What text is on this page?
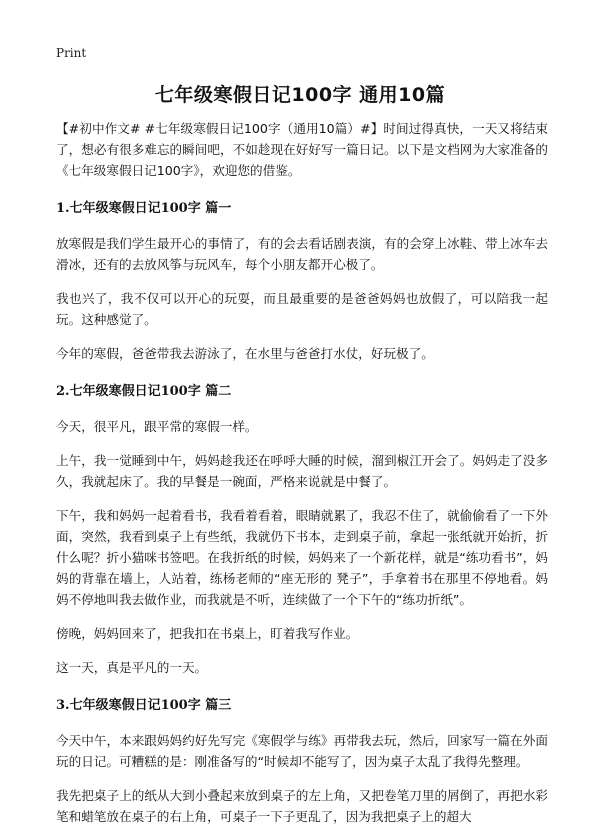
Print
七年级寒假日记100字 通用10篇

【#初中作文# #七年级寒假日记100字（通用10篇）#】时间过得真快，一天又将结束了，想必有很多难忘的瞬间吧，不如趁现在好好写一篇日记。以下是文档网为大家准备的《七年级寒假日记100字》，欢迎您的借鉴。

1.七年级寒假日记100字 篇一

放寒假是我们学生最开心的事情了，有的会去看话剧表演，有的会穿上冰鞋、带上冰车去滑冰，还有的去放风筝与玩风车，每个小朋友都开心极了。

我也兴了，我不仅可以开心的玩耍，而且最重要的是爸爸妈妈也放假了，可以陪我一起玩。这种感觉了。

今年的寒假，爸爸带我去游泳了，在水里与爸爸打水仗，好玩极了。

2.七年级寒假日记100字 篇二

今天，很平凡，跟平常的寒假一样。

上午，我一觉睡到中午，妈妈趁我还在呼呼大睡的时候，溜到椒江开会了。妈妈走了没多久，我就起床了。我的早餐是一碗面，严格来说就是中餐了。

下午，我和妈妈一起着看书，我看着看着，眼睛就累了，我忍不住了，就偷偷看了一下外面，突然，我看到桌子上有些纸，我就仍下书本，走到桌子前，拿起一张纸就开始折，折什么呢？折小猫咪书签吧。在我折纸的时候，妈妈来了一个新花样，就是“练功看书”，妈妈的背靠在墙上，人站着，练杨老师的“座无形的 凳子”，手拿着书在那里不停地看。妈妈不停地叫我去做作业，而我就是不听，连续做了一个下午的“练功折纸”。

傍晚，妈妈回来了，把我扣在书桌上，盯着我写作业。

这一天，真是平凡的一天。

3.七年级寒假日记100字 篇三

今天中午，本来跟妈妈约好先写完《寒假学与练》再带我去玩，然后，回家写一篇在外面玩的日记。可糟糕的是：刚准备写的“时候却不能写了，因为桌子太乱了我得先整理。

我先把桌子上的纸从大到小叠起来放到桌子的左上角，又把卷笔刀里的屑倒了，再把水彩笔和蜡笔放在桌子的右上角，可桌子一下子更乱了，因为我把桌子上的超大
